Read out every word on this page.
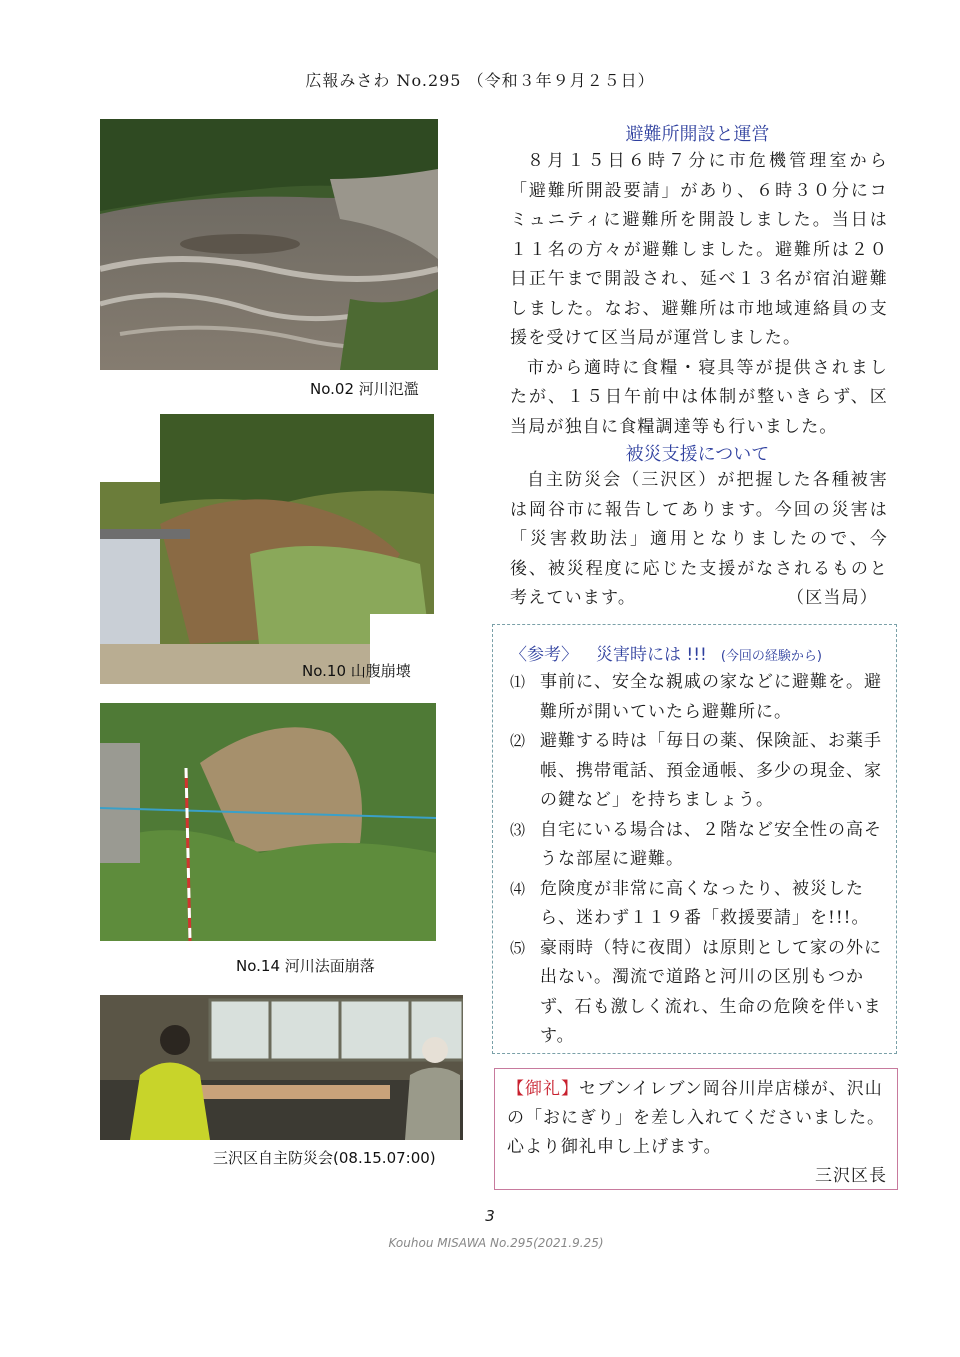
広報みさわ No.295 （令和３年９月２５日）
No.02 河川氾濫
No.10 山腹崩壊
No.14 河川法面崩落
三沢区自主防災会(08.15.07:00)
避難所開設と運営

８月１５日６時７分に市危機管理室から「避難所開設要請」があり、６時３０分にコミュニティに避難所を開設しました。当日は１１名の方々が避難しました。避難所は２０日正午まで開設され、延べ１３名が宿泊避難しました。なお、避難所は市地域連絡員の支援を受けて区当局が運営しました。

市から適時に食糧・寝具等が提供されましたが、１５日午前中は体制が整いきらず、区当局が独自に食糧調達等も行いました。

被災支援について

自主防災会（三沢区）が把握した各種被害は岡谷市に報告してあります。今回の災害は「災害救助法」適用となりましたので、今後、被災程度に応じた支援がなされるものと考えています。	（区当局）

〈参考〉 災害時には !!! (今回の経験から)
⑴ 事前に、安全な親戚の家などに避難を。避難所が開いていたら避難所に。
⑵ 避難する時は「毎日の薬、保険証、お薬手帳、携帯電話、預金通帳、多少の現金、家の鍵など」を持ちましょう。
⑶ 自宅にいる場合は、２階など安全性の高そうな部屋に避難。
⑷ 危険度が非常に高くなったり、被災したら、迷わず１１９番「救援要請」を!!!。
⑸ 豪雨時（特に夜間）は原則として家の外に出ない。濁流で道路と河川の区別もつかず、石も激しく流れ、生命の危険を伴います。
【御礼】セブンイレブン岡谷川岸店様が、沢山の「おにぎり」を差し入れてくださいました。心より御礼申し上げます。
三沢区長
3
Kouhou MISAWA No.295(2021.9.25)
